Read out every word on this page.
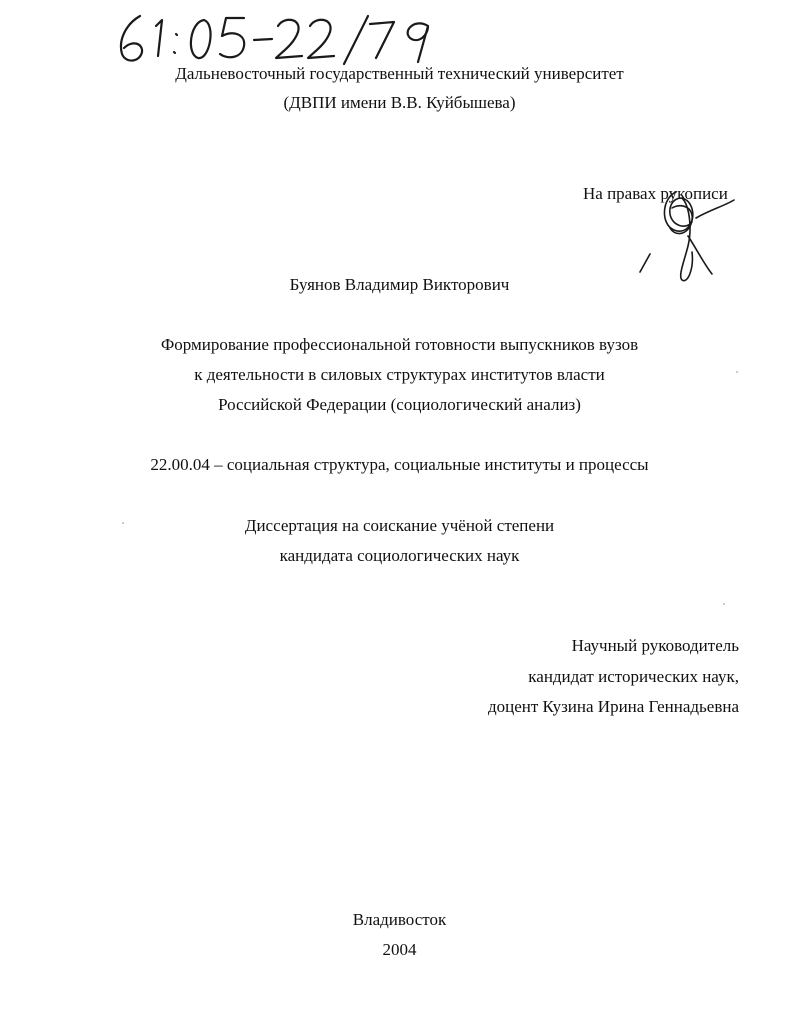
Дальневосточный государственный технический университет
(ДВПИ имени В.В. Куйбышева)
На правах рукописи
Буянов Владимир Викторович
Формирование профессиональной готовности выпускников вузов
к деятельности в силовых структурах институтов власти
Российской Федерации (социологический анализ)
22.00.04 – социальная структура, социальные институты и процессы
Диссертация на соискание учёной степени
кандидата социологических наук
Научный руководитель
кандидат исторических наук,
доцент Кузина Ирина Геннадьевна
Владивосток
2004
